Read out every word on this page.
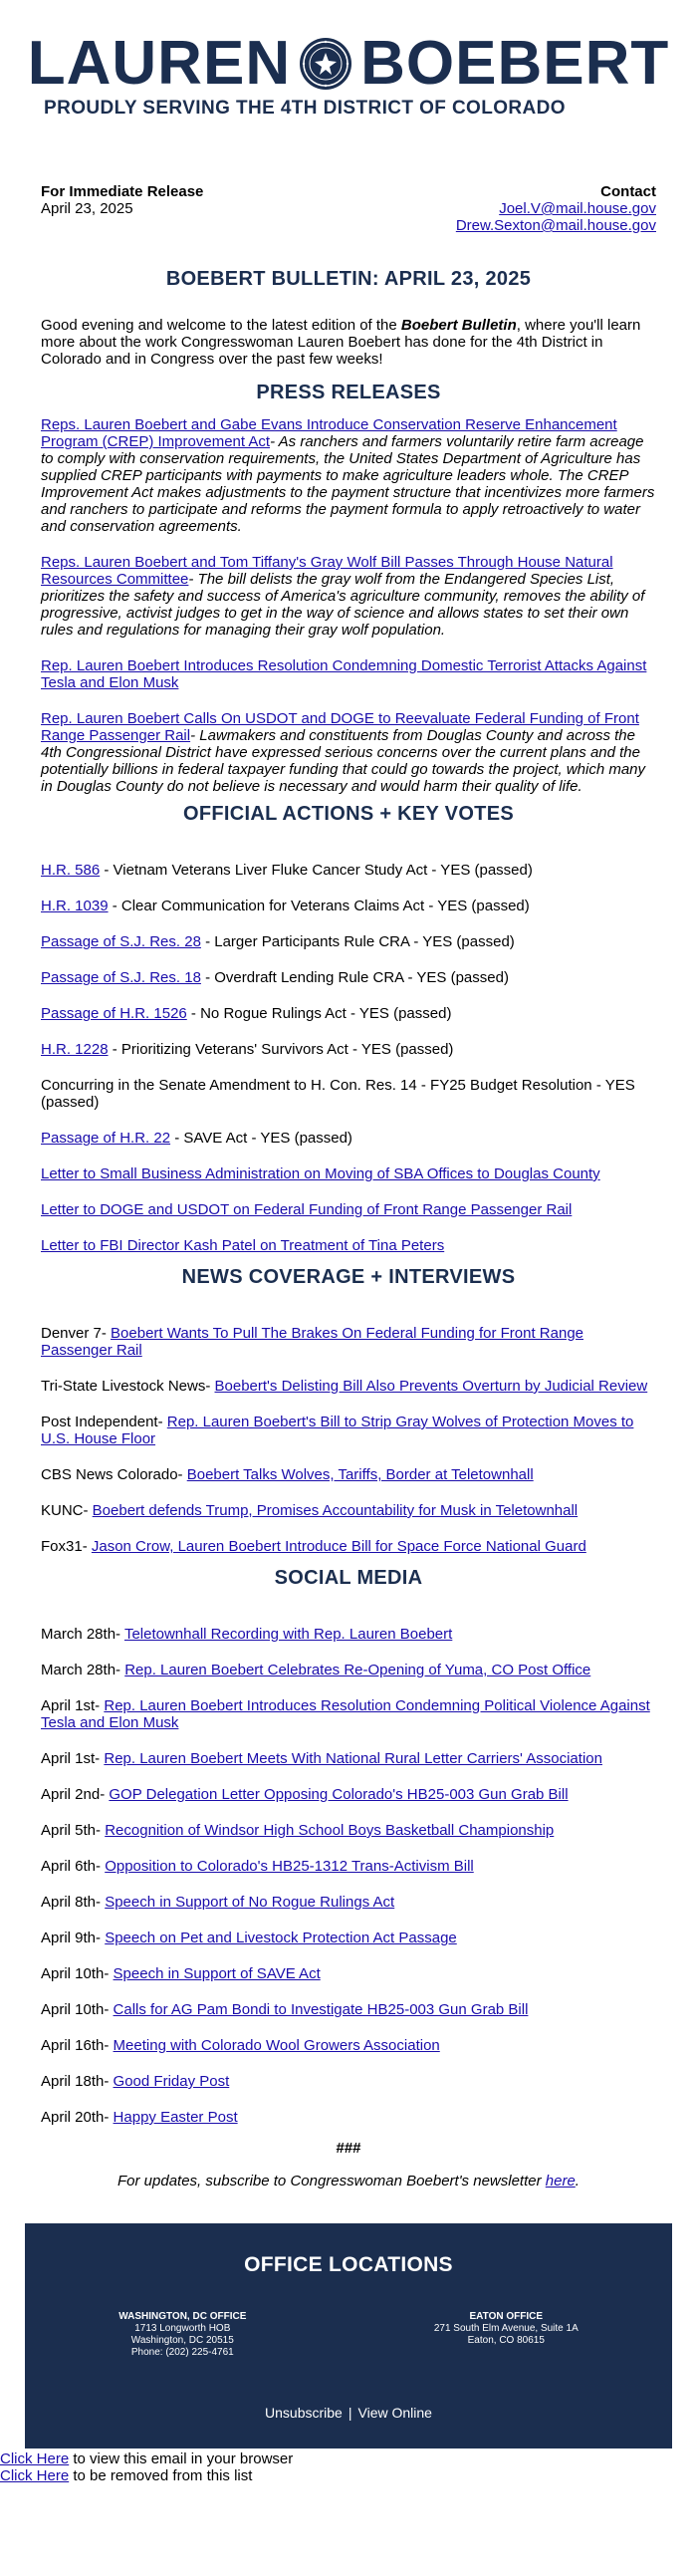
LAUREN BOEBERT
PROUDLY SERVING THE 4TH DISTRICT OF COLORADO
For Immediate Release
April 23, 2025
Contact
Joel.V@mail.house.gov
Drew.Sexton@mail.house.gov
BOEBERT BULLETIN: APRIL 23, 2025
Good evening and welcome to the latest edition of the Boebert Bulletin, where you'll learn more about the work Congresswoman Lauren Boebert has done for the 4th District in Colorado and in Congress over the past few weeks!
PRESS RELEASES
Reps. Lauren Boebert and Gabe Evans Introduce Conservation Reserve Enhancement Program (CREP) Improvement Act- As ranchers and farmers voluntarily retire farm acreage to comply with conservation requirements, the United States Department of Agriculture has supplied CREP participants with payments to make agriculture leaders whole. The CREP Improvement Act makes adjustments to the payment structure that incentivizes more farmers and ranchers to participate and reforms the payment formula to apply retroactively to water and conservation agreements.
Reps. Lauren Boebert and Tom Tiffany's Gray Wolf Bill Passes Through House Natural Resources Committee- The bill delists the gray wolf from the Endangered Species List, prioritizes the safety and success of America's agriculture community, removes the ability of progressive, activist judges to get in the way of science and allows states to set their own rules and regulations for managing their gray wolf population.
Rep. Lauren Boebert Introduces Resolution Condemning Domestic Terrorist Attacks Against Tesla and Elon Musk
Rep. Lauren Boebert Calls On USDOT and DOGE to Reevaluate Federal Funding of Front Range Passenger Rail- Lawmakers and constituents from Douglas County and across the 4th Congressional District have expressed serious concerns over the current plans and the potentially billions in federal taxpayer funding that could go towards the project, which many in Douglas County do not believe is necessary and would harm their quality of life.
OFFICIAL ACTIONS + KEY VOTES
H.R. 586 - Vietnam Veterans Liver Fluke Cancer Study Act - YES (passed)
H.R. 1039 - Clear Communication for Veterans Claims Act - YES (passed)
Passage of S.J. Res. 28 - Larger Participants Rule CRA - YES (passed)
Passage of S.J. Res. 18 - Overdraft Lending Rule CRA - YES (passed)
Passage of H.R. 1526 - No Rogue Rulings Act - YES (passed)
H.R. 1228 - Prioritizing Veterans' Survivors Act - YES (passed)
Concurring in the Senate Amendment to H. Con. Res. 14 - FY25 Budget Resolution - YES (passed)
Passage of H.R. 22 - SAVE Act - YES (passed)
Letter to Small Business Administration on Moving of SBA Offices to Douglas County
Letter to DOGE and USDOT on Federal Funding of Front Range Passenger Rail
Letter to FBI Director Kash Patel on Treatment of Tina Peters
NEWS COVERAGE + INTERVIEWS
Denver 7- Boebert Wants To Pull The Brakes On Federal Funding for Front Range Passenger Rail
Tri-State Livestock News- Boebert's Delisting Bill Also Prevents Overturn by Judicial Review
Post Independent- Rep. Lauren Boebert's Bill to Strip Gray Wolves of Protection Moves to U.S. House Floor
CBS News Colorado- Boebert Talks Wolves, Tariffs, Border at Teletownhall
KUNC- Boebert defends Trump, Promises Accountability for Musk in Teletownhall
Fox31- Jason Crow, Lauren Boebert Introduce Bill for Space Force National Guard
SOCIAL MEDIA
March 28th- Teletownhall Recording with Rep. Lauren Boebert
March 28th- Rep. Lauren Boebert Celebrates Re-Opening of Yuma, CO Post Office
April 1st- Rep. Lauren Boebert Introduces Resolution Condemning Political Violence Against Tesla and Elon Musk
April 1st- Rep. Lauren Boebert Meets With National Rural Letter Carriers' Association
April 2nd- GOP Delegation Letter Opposing Colorado's HB25-003 Gun Grab Bill
April 5th- Recognition of Windsor High School Boys Basketball Championship
April 6th- Opposition to Colorado's HB25-1312 Trans-Activism Bill
April 8th- Speech in Support of No Rogue Rulings Act
April 9th- Speech on Pet and Livestock Protection Act Passage
April 10th- Speech in Support of SAVE Act
April 10th- Calls for AG Pam Bondi to Investigate HB25-003 Gun Grab Bill
April 16th- Meeting with Colorado Wool Growers Association
April 18th- Good Friday Post
April 20th- Happy Easter Post
###
For updates, subscribe to Congresswoman Boebert's newsletter here.
OFFICE LOCATIONS
WASHINGTON, DC OFFICE
1713 Longworth HOB
Washington, DC 20515
Phone: (202) 225-4761
EATON OFFICE
271 South Elm Avenue, Suite 1A
Eaton, CO 80615
Unsubscribe | View Online
Click Here to view this email in your browser
Click Here to be removed from this list
